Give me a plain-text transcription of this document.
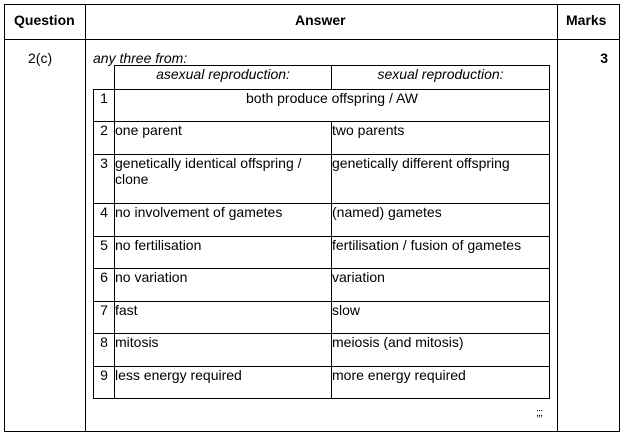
Question	Answer	Marks
2(c)	3
any three from:
	asexual reproduction:	sexual reproduction:
1	both produce offspring / AW	
2	one parent	two parents
3	genetically identical offspring / clone	genetically different offspring
4	no involvement of gametes	(named) gametes
5	no fertilisation	fertilisation / fusion of gametes
6	no variation	variation
7	fast	slow
8	mitosis	meiosis (and mitosis)
9	less energy required	more energy required
;;;
